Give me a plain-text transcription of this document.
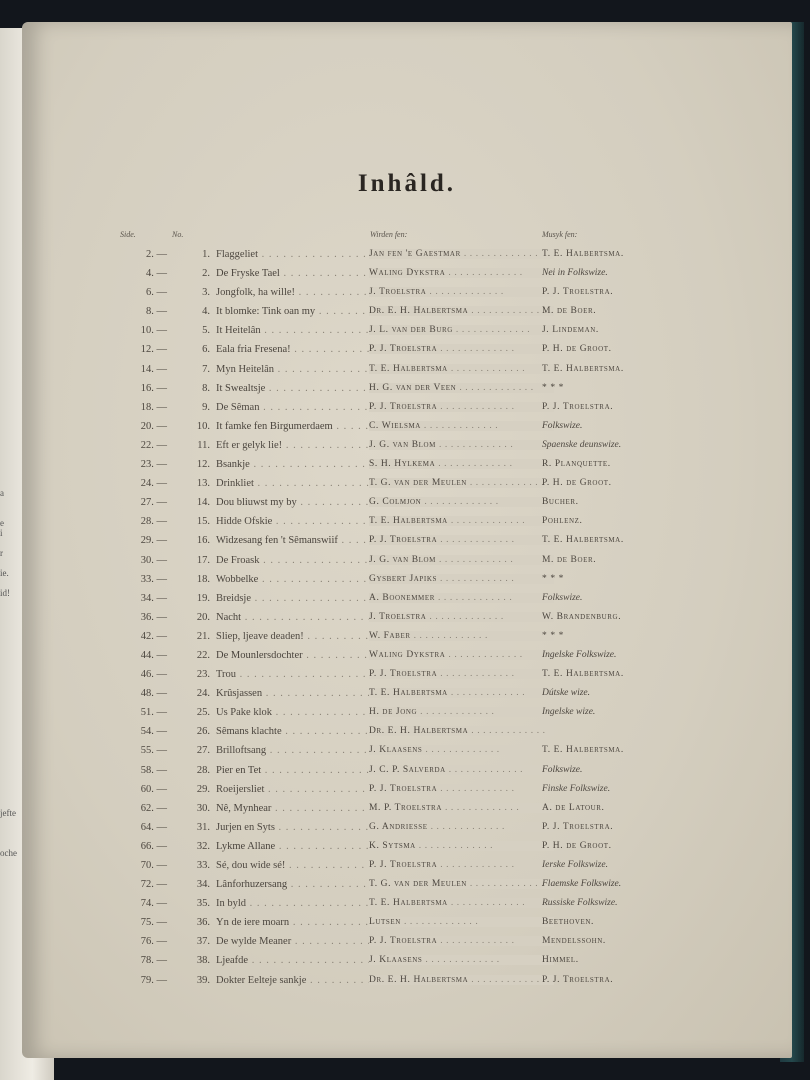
a
e
i
r
ie.
id!
jefte
oche
Inhâld.
Side.	No.	Wirden fen:	Musyk fen:
2. —	1. Flaggeliet . . .	Jan fen 'e Gaestmar . . .	T. E. Halbertsma.
4. —	2. De Fryske Tael . . .	Waling Dykstra . . .	Nei in Folkswize.
6. —	3. Jongfolk, ha wille! . . .	J. Troelstra . . .	P. J. Troelstra.
8. —	4. It blomke: Tink oan my . . .	Dr. E. H. Halbertsma . . .	M. de Boer.
10. —	5. It Heitelân . . .	J. L. van der Burg . . .	J. Lindeman.
12. —	6. Eala fria Fresena! . . .	P. J. Troelstra . . .	P. H. de Groot.
14. —	7. Myn Heitelân . . .	T. E. Halbertsma . . .	T. E. Halbertsma.
16. —	8. It Swealtsje . . .	H. G. van der Veen . . .	* * *
18. —	9. De Sêman . . .	P. J. Troelstra . . .	P. J. Troelstra.
20. —	10. It famke fen Birgumerdaem . . .	C. Wielsma . . .	Folkswize.
22. —	11. Eft er gelyk lie! . . .	J. G. van Blom . . .	Spaenske deunswize.
23. —	12. Bsankje . . .	S. H. Hylkema . . .	R. Planquette.
24. —	13. Drinkliet . . .	T. G. van der Meulen . . .	P. H. de Groot.
27. —	14. Dou bliuwst my by . . .	G. Colmjon . . .	Bucher.
28. —	15. Hidde Ofskie . . .	T. E. Halbertsma . . .	Pohlenz.
29. —	16. Widzesang fen 't Sêmanswiif . . .	P. J. Troelstra . . .	T. E. Halbertsma.
30. —	17. De Froask . . .	J. G. van Blom . . .	M. de Boer.
33. —	18. Wobbelke . . .	Gysbert Japiks . . .	* * *
34. —	19. Breidsje . . .	A. Boonemmer . . .	Folkswize.
36. —	20. Nacht . . .	J. Troelstra . . .	W. Brandenburg.
42. —	21. Sliep, ljeave deaden! . . .	W. Faber . . .	* * *
44. —	22. De Mounlersdochter . . .	Waling Dykstra . . .	Ingelske Folkswize.
46. —	23. Trou . . .	P. J. Troelstra . . .	T. E. Halbertsma.
48. —	24. Krûsjassen . . .	T. E. Halbertsma . . .	Dútske wize.
51. —	25. Us Pake klok . . .	H. de Jong . . .	Ingelske wize.
54. —	26. Sêmans klachte . . .	Dr. E. H. Halbertsma . . .
55. —	27. Brilloftsang . . .	J. Klaasens . . .	T. E. Halbertsma.
58. —	28. Pier en Tet . . .	J. C. P. Salverda . . .	Folkswize.
60. —	29. Roeijersliet . . .	P. J. Troelstra . . .	Finske Folkswize.
62. —	30. Nê, Mynhear . . .	M. P. Troelstra . . .	A. de Latour.
64. —	31. Jurjen en Syts . . .	G. Andriesse . . .	P. J. Troelstra.
66. —	32. Lykme Allane . . .	K. Sytsma . . .	P. H. de Groot.
70. —	33. Sé, dou wide sé! . . .	P. J. Troelstra . . .	Ierske Folkswize.
72. —	34. Lânforhuzersang . . .	T. G. van der Meulen . . .	Flaemske Folkswize.
74. —	35. In byld . . .	T. E. Halbertsma . . .	Russiske Folkswize.
75. —	36. Yn de iere moarn . . .	Lutsen . . .	Beethoven.
76. —	37. De wylde Meaner . . .	P. J. Troelstra . . .	Mendelssohn.
78. —	38. Ljeafde . . .	J. Klaasens . . .	Himmel.
79. —	39. Dokter Eelteje sankje . . .	Dr. E. H. Halbertsma . . .	P. J. Troelstra.
